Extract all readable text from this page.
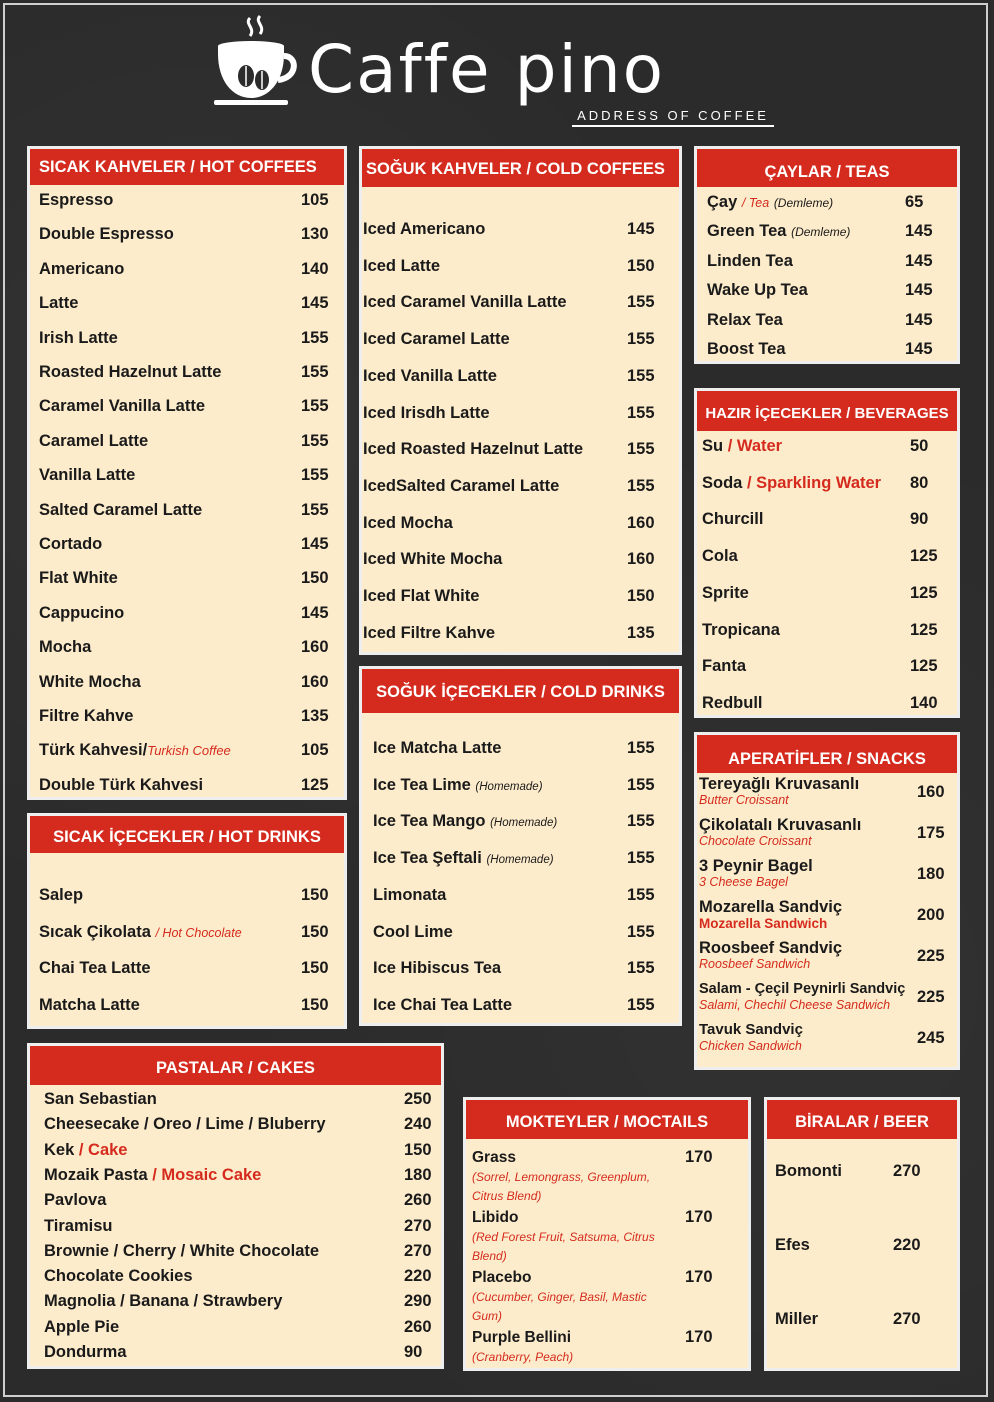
Caffe pino
ADDRESS OF COFFEE
SICAK KAHVELER / HOT COFFEES
Espresso	105
Double Espresso	130
Americano	140
Latte	145
Irish Latte	155
Roasted Hazelnut Latte	155
Caramel Vanilla Latte	155
Caramel Latte	155
Vanilla Latte	155
Salted Caramel Latte	155
Cortado	145
Flat White	150
Cappucino	145
Mocha	160
White Mocha	160
Filtre Kahve	135
Türk Kahvesi/Turkish Coffee	105
Double Türk Kahvesi	125
SICAK İÇECEKLER / HOT DRINKS
Salep	150
Sıcak Çikolata / Hot Chocolate	150
Chai Tea Latte	150
Matcha Latte	150
PASTALAR / CAKES
San Sebastian	250
Cheesecake / Oreo / Lime / Bluberry	240
Kek / Cake	150
Mozaik Pasta / Mosaic Cake	180
Pavlova	260
Tiramisu	270
Brownie / Cherry / White Chocolate	270
Chocolate Cookies	220
Magnolia / Banana / Strawbery	290
Apple Pie	260
Dondurma	90
SOĞUK KAHVELER / COLD COFFEES
Iced Americano	145
Iced Latte	150
Iced Caramel Vanilla Latte	155
Iced Caramel Latte	155
Iced Vanilla Latte	155
Iced Irisdh Latte	155
Iced Roasted Hazelnut Latte	155
IcedSalted Caramel Latte	155
Iced Mocha	160
Iced White Mocha	160
Iced Flat White	150
Iced Filtre Kahve	135
SOĞUK İÇECEKLER / COLD DRINKS
Ice Matcha Latte	155
Ice Tea Lime (Homemade)	155
Ice Tea Mango (Homemade)	155
Ice Tea Şeftali (Homemade)	155
Limonata	155
Cool Lime	155
Ice Hibiscus Tea	155
Ice Chai Tea Latte	155
ÇAYLAR / TEAS
Çay / Tea (Demleme)	65
Green Tea (Demleme)	145
Linden Tea	145
Wake Up Tea	145
Relax Tea	145
Boost Tea	145
HAZIR İÇECEKLER / BEVERAGES
Su / Water	50
Soda / Sparkling Water 80
Churcill	90
Cola	125
Sprite	125
Tropicana	125
Fanta	125
Redbull	140
APERATİFLER / SNACKS
Tereyağlı Kruvasanlı
Butter Croissant	160
Çikolatalı Kruvasanlı
Chocolate Croissant	175
3 Peynir Bagel
3 Cheese Bagel	180
Mozarella Sandviç
Mozarella Sandwich	200
Roosbeef Sandviç
Roosbeef Sandwich	225
Salam - Çeçil Peynirli Sandviç
Salami, Chechil Cheese Sandwich	225
Tavuk Sandviç
Chicken Sandwich	245
MOKTEYLER / MOCTAILS
Grass
(Sorrel, Lemongrass, Greenplum, Citrus Blend)
170
Libido
(Red Forest Fruit, Satsuma, Citrus Blend)
170
Placebo
(Cucumber, Ginger, Basil, Mastic Gum)
170
Purple Bellini
(Cranberry, Peach)
170
BİRALAR / BEER
Bomonti	270
Efes	220
Miller	270
